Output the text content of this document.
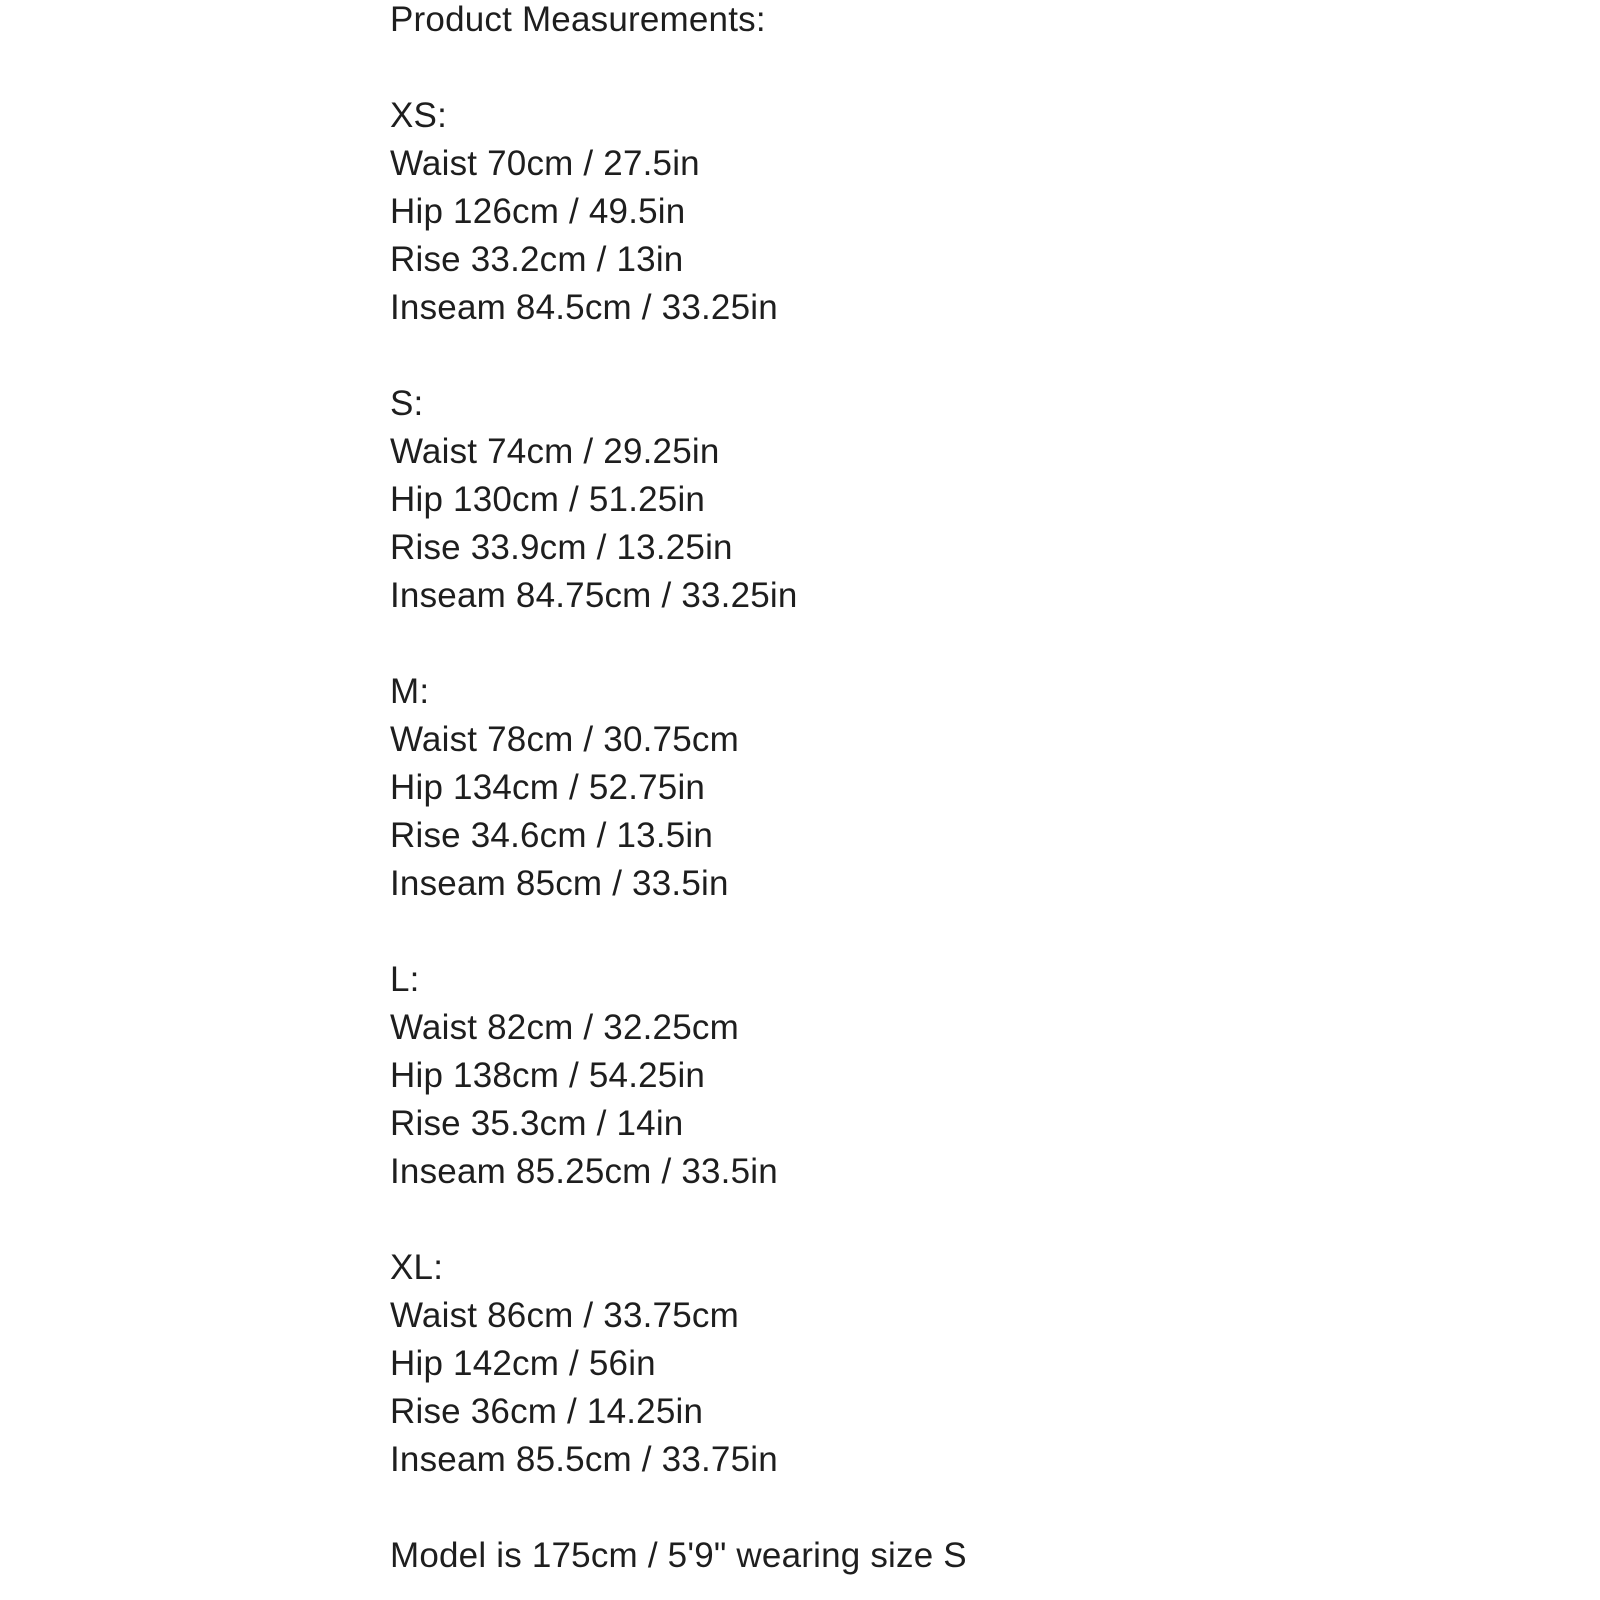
Product Measurements:
XS:
Waist 70cm / 27.5in
Hip 126cm / 49.5in
Rise 33.2cm / 13in
Inseam 84.5cm / 33.25in
S:
Waist 74cm / 29.25in
Hip 130cm / 51.25in
Rise 33.9cm / 13.25in
Inseam 84.75cm / 33.25in
M:
Waist 78cm / 30.75cm
Hip 134cm / 52.75in
Rise 34.6cm / 13.5in
Inseam 85cm / 33.5in
L:
Waist 82cm / 32.25cm
Hip 138cm / 54.25in
Rise 35.3cm / 14in
Inseam 85.25cm / 33.5in
XL:
Waist 86cm / 33.75cm
Hip 142cm / 56in
Rise 36cm / 14.25in
Inseam 85.5cm / 33.75in
Model is 175cm / 5'9" wearing size S
